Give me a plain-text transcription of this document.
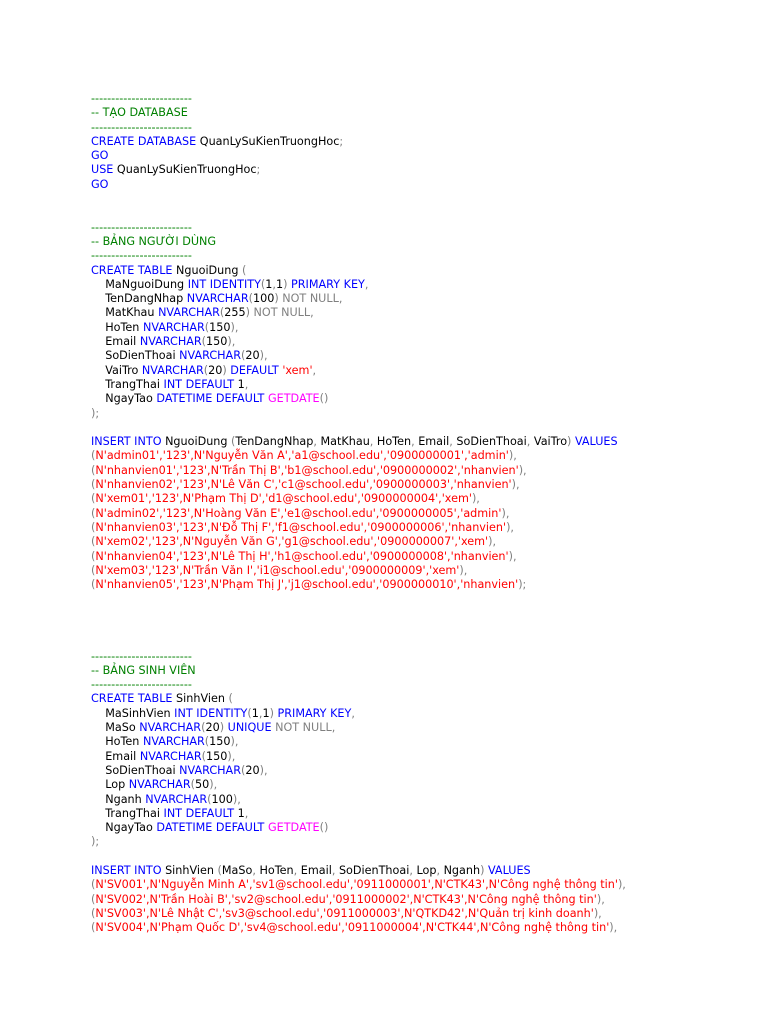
-------------------------
-- TẠO DATABASE
-------------------------
CREATE DATABASE QuanLySuKienTruongHoc;
GO
USE QuanLySuKienTruongHoc;
GO

-------------------------
-- BẢNG NGƯỜI DÙNG
-------------------------
CREATE TABLE NguoiDung (
MaNguoiDung INT IDENTITY(1,1) PRIMARY KEY,
TenDangNhap NVARCHAR(100) NOT NULL,
MatKhau NVARCHAR(255) NOT NULL,
HoTen NVARCHAR(150),
Email NVARCHAR(150),
SoDienThoai NVARCHAR(20),
VaiTro NVARCHAR(20) DEFAULT 'xem',
TrangThai INT DEFAULT 1,
NgayTao DATETIME DEFAULT GETDATE()
);

INSERT INTO NguoiDung (TenDangNhap, MatKhau, HoTen, Email, SoDienThoai, VaiTro) VALUES
(N'admin01','123',N'Nguyễn Văn A','a1@school.edu','0900000001','admin'),
(N'nhanvien01','123',N'Trần Thị B','b1@school.edu','0900000002','nhanvien'),
(N'nhanvien02','123',N'Lê Văn C','c1@school.edu','0900000003','nhanvien'),
(N'xem01','123',N'Phạm Thị D','d1@school.edu','0900000004','xem'),
(N'admin02','123',N'Hoàng Văn E','e1@school.edu','0900000005','admin'),
(N'nhanvien03','123',N'Đỗ Thị F','f1@school.edu','0900000006','nhanvien'),
(N'xem02','123',N'Nguyễn Văn G','g1@school.edu','0900000007','xem'),
(N'nhanvien04','123',N'Lê Thị H','h1@school.edu','0900000008','nhanvien'),
(N'xem03','123',N'Trần Văn I','i1@school.edu','0900000009','xem'),
(N'nhanvien05','123',N'Phạm Thị J','j1@school.edu','0900000010','nhanvien');

-------------------------
-- BẢNG SINH VIÊN
-------------------------
CREATE TABLE SinhVien (
MaSinhVien INT IDENTITY(1,1) PRIMARY KEY,
MaSo NVARCHAR(20) UNIQUE NOT NULL,
HoTen NVARCHAR(150),
Email NVARCHAR(150),
SoDienThoai NVARCHAR(20),
Lop NVARCHAR(50),
Nganh NVARCHAR(100),
TrangThai INT DEFAULT 1,
NgayTao DATETIME DEFAULT GETDATE()
);

INSERT INTO SinhVien (MaSo, HoTen, Email, SoDienThoai, Lop, Nganh) VALUES
(N'SV001',N'Nguyễn Minh A','sv1@school.edu','0911000001',N'CTK43',N'Công nghệ thông tin'),
(N'SV002',N'Trần Hoài B','sv2@school.edu','0911000002',N'CTK43',N'Công nghệ thông tin'),
(N'SV003',N'Lê Nhật C','sv3@school.edu','0911000003',N'QTKD42',N'Quản trị kinh doanh'),
(N'SV004',N'Phạm Quốc D','sv4@school.edu','0911000004',N'CTK44',N'Công nghệ thông tin'),
